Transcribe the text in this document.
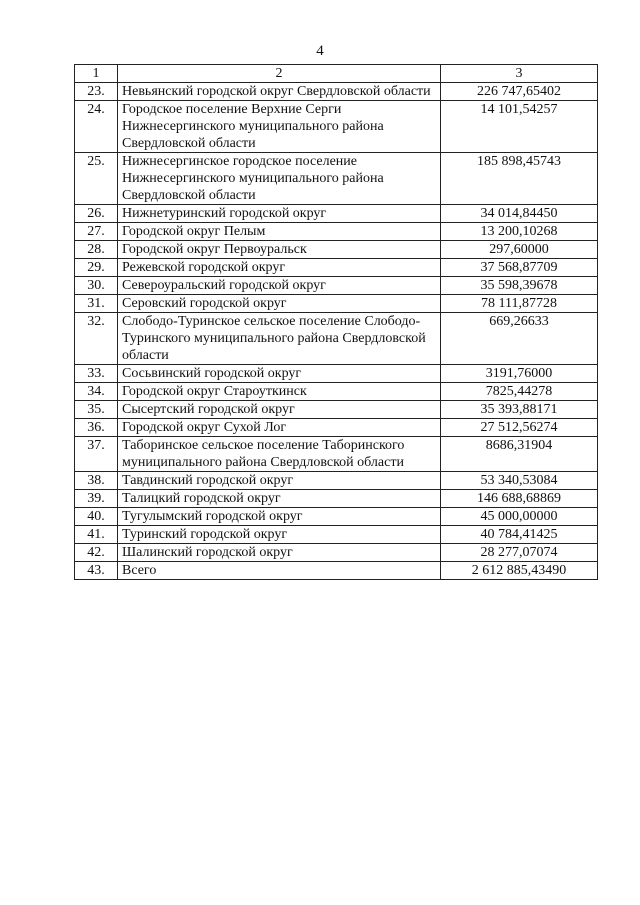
4
1	2	3
23.	Невьянский городской округ Свердловской области	226 747,65402
24.	Городское поселение Верхние Серги Нижнесергинского муниципального района Свердловской области	14 101,54257
25.	Нижнесергинское городское поселение Нижнесергинского муниципального района Свердловской области	185 898,45743
26.	Нижнетуринский городской округ	34 014,84450
27.	Городской округ Пелым	13 200,10268
28.	Городской округ Первоуральск	297,60000
29.	Режевской городской округ	37 568,87709
30.	Североуральский городской округ	35 598,39678
31.	Серовский городской округ	78 111,87728
32.	Слободо-Туринское сельское поселение Слободо-Туринского муниципального района Свердловской области	669,26633
33.	Сосьвинский городской округ	3191,76000
34.	Городской округ Староуткинск	7825,44278
35.	Сысертский городской округ	35 393,88171
36.	Городской округ Сухой Лог	27 512,56274
37.	Таборинское сельское поселение Таборинского муниципального района Свердловской области	8686,31904
38.	Тавдинский городской округ	53 340,53084
39.	Талицкий городской округ	146 688,68869
40.	Тугулымский городской округ	45 000,00000
41.	Туринский городской округ	40 784,41425
42.	Шалинский городской округ	28 277,07074
43.	Всего	2 612 885,43490
